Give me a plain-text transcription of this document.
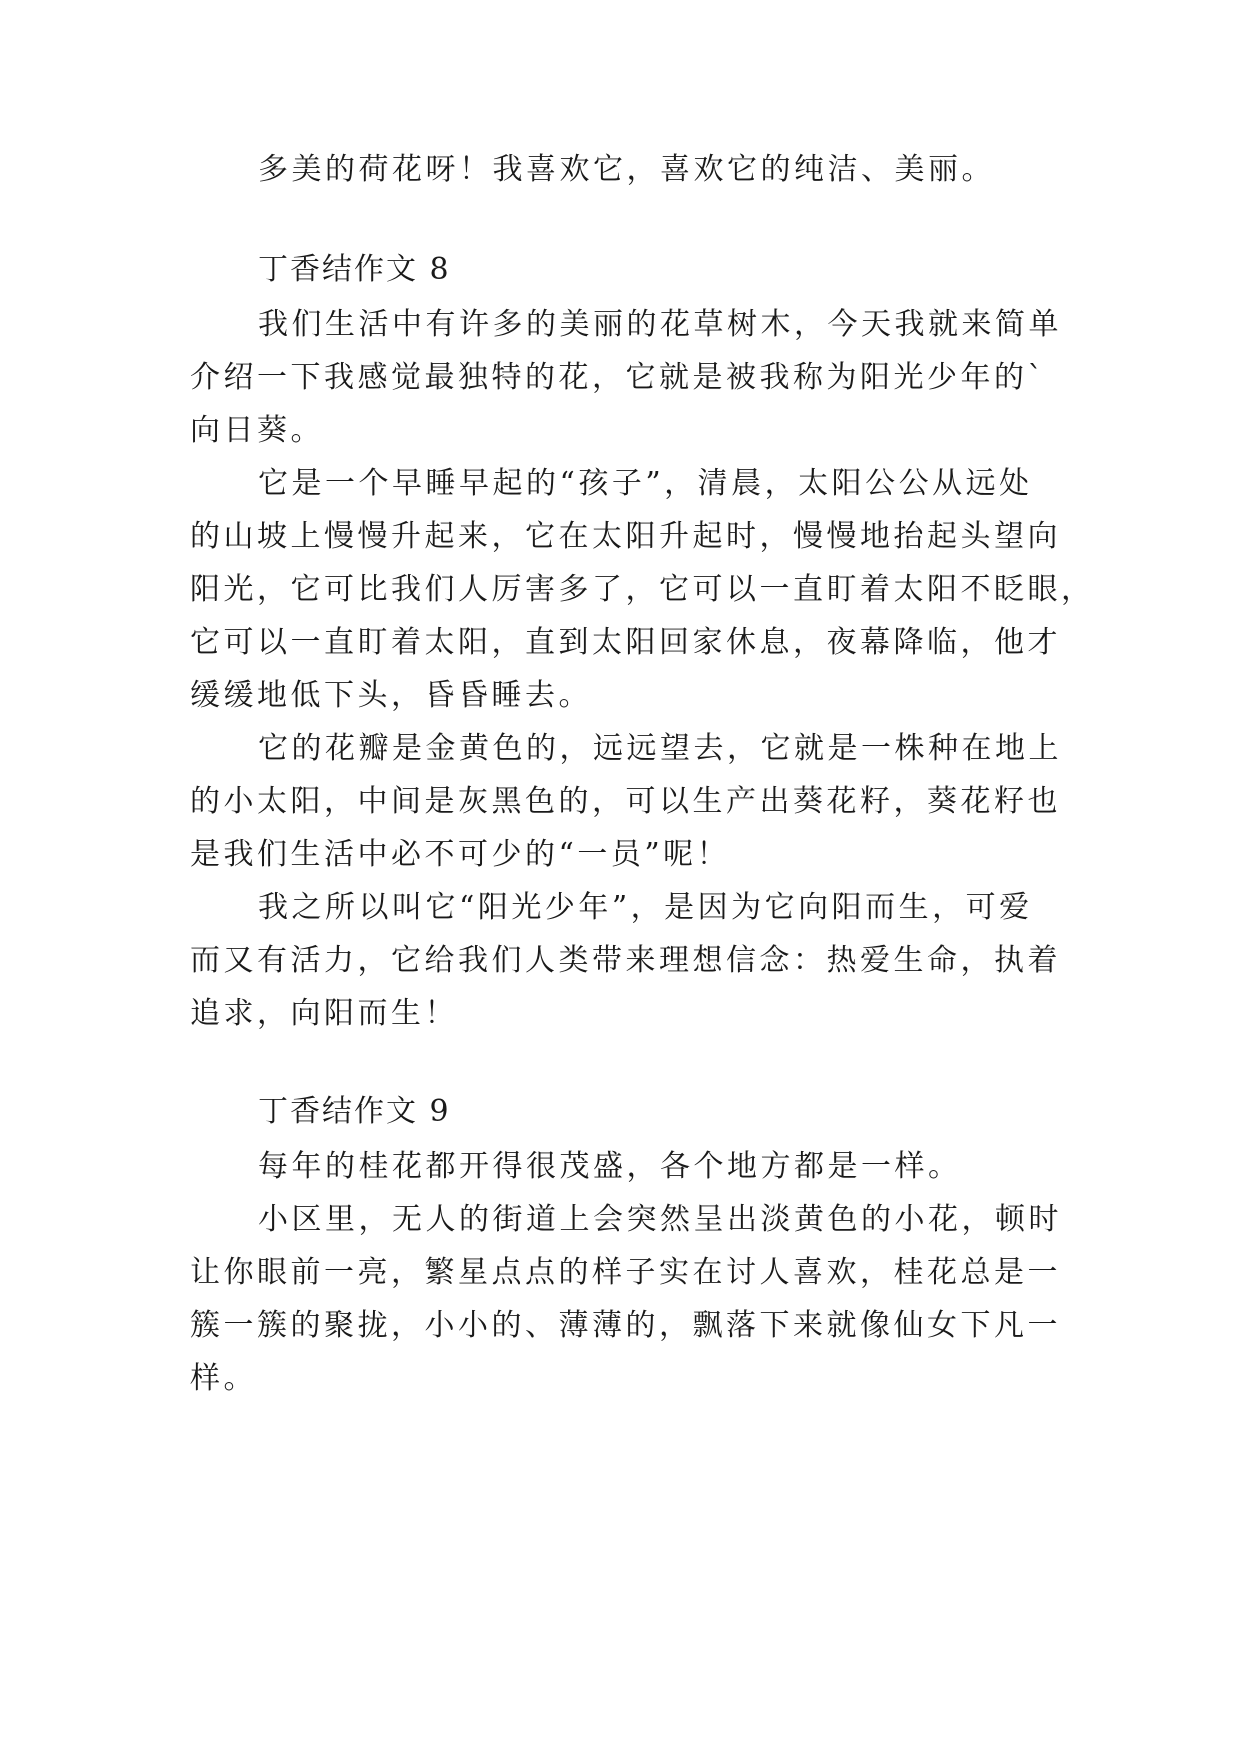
多美的荷花呀！我喜欢它，喜欢它的纯洁、美丽。
丁香结作文 8
我们生活中有许多的美丽的花草树木，今天我就来简单
介绍一下我感觉最独特的花，它就是被我称为阳光少年的`
向日葵。
它是一个早睡早起的“孩子”，清晨，太阳公公从远处
的山坡上慢慢升起来，它在太阳升起时，慢慢地抬起头望向
阳光，它可比我们人厉害多了，它可以一直盯着太阳不眨眼，
它可以一直盯着太阳，直到太阳回家休息，夜幕降临，他才
缓缓地低下头，昏昏睡去。
它的花瓣是金黄色的，远远望去，它就是一株种在地上
的小太阳，中间是灰黑色的，可以生产出葵花籽，葵花籽也
是我们生活中必不可少的“一员”呢！
我之所以叫它“阳光少年”，是因为它向阳而生，可爱
而又有活力，它给我们人类带来理想信念：热爱生命，执着
追求，向阳而生！
丁香结作文 9
每年的桂花都开得很茂盛，各个地方都是一样。
小区里，无人的街道上会突然呈出淡黄色的小花，顿时
让你眼前一亮，繁星点点的样子实在讨人喜欢，桂花总是一
簇一簇的聚拢，小小的、薄薄的，飘落下来就像仙女下凡一
样。
